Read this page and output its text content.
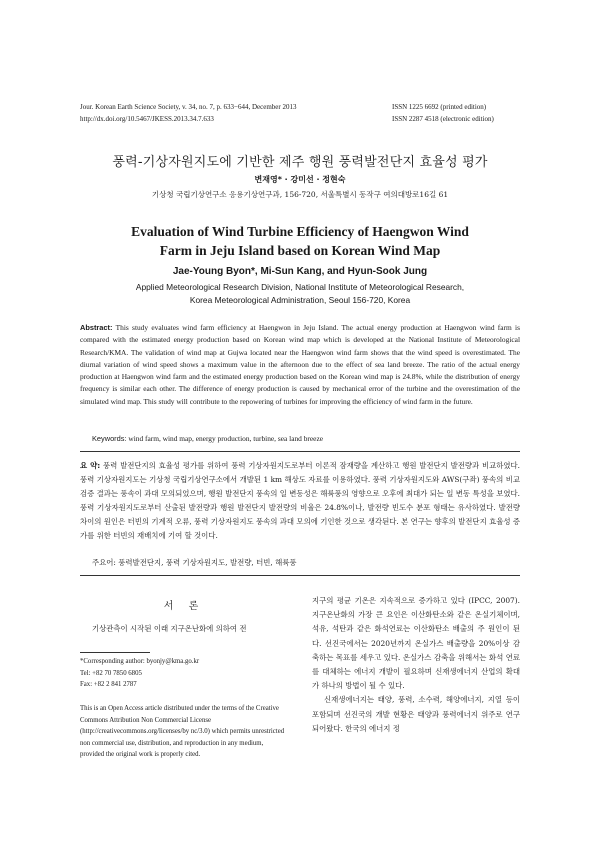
Jour. Korean Earth Science Society, v. 34, no. 7, p. 633−644, December 2013
http://dx.doi.org/10.5467/JKESS.2013.34.7.633
ISSN 1225 6692 (printed edition)
ISSN 2287 4518 (electronic edition)
풍력-기상자원지도에 기반한 제주 행원 풍력발전단지 효율성 평가
변재영* · 강미선 · 정현숙
기상청 국립기상연구소 응용기상연구과, 156-720, 서울특별시 동작구 여의대방로16길 61
Evaluation of Wind Turbine Efficiency of Haengwon Wind
Farm in Jeju Island based on Korean Wind Map
Jae-Young Byon*, Mi-Sun Kang, and Hyun-Sook Jung
Applied Meteorological Research Division, National Institute of Meteorological Research,
Korea Meteorological Administration, Seoul 156-720, Korea
Abstract: This study evaluates wind farm efficiency at Haengwon in Jeju Island. The actual energy production at Haengwon wind farm is compared with the estimated energy production based on Korean wind map which is developed at the National Institute of Meteorological Research/KMA. The validation of wind map at Gujwa located near the Haengwon wind farm shows that the wind speed is overestimated. The diurnal variation of wind speed shows a maximum value in the afternoon due to the effect of sea land breeze. The ratio of the actual energy production at Haengwon wind farm and the estimated energy production based on the Korean wind map is 24.8%, while the distribution of energy frequency is similar each other. The difference of energy production is caused by mechanical error of the turbine and the overestimation of the simulated wind map. This study will contribute to the repowering of turbines for improving the efficiency of wind farm in the future.
Keywords: wind farm, wind map, energy production, turbine, sea land breeze
요 약: 풍력 발전단지의 효율성 평가를 위하여 풍력 기상자원지도로부터 이론적 잠재량을 계산하고 행원 발전단지 발전량과 비교하였다. 풍력 기상자원지도는 기상청 국립기상연구소에서 개발된 1 km 해상도 자료를 이용하였다. 풍력 기상자원지도와 AWS(구좌) 풍속의 비교 검증 결과는 풍속이 과대 모의되었으며, 행원 발전단지 풍속의 일 변동성은 해륙풍의 영향으로 오후에 최대가 되는 일 변동 특성을 보였다. 풍력 기상자원지도로부터 산출된 발전량과 행원 발전단지 발전량의 비율은 24.8%이나, 발전량 빈도수 분포 형태는 유사하였다. 발전량 차이의 원인은 터빈의 기계적 오류, 풍력 기상자원지도 풍속의 과대 모의에 기인한 것으로 생각된다. 본 연구는 향후의 발전단지 효율성 증가를 위한 터빈의 재배치에 기여 할 것이다.
주요어: 풍력발전단지, 풍력 기상자원지도, 발전량, 터빈, 해륙풍
서 론
기상관측이 시작된 이래 지구온난화에 의하여 전
*Corresponding author: byonjy@kma.go.kr
Tel: +82 70 7850 6805
Fax: +82 2 841 2787
This is an Open Access article distributed under the terms of the Creative Commons Attribution Non Commercial License (http://creativecommons.org/licenses/by nc/3.0) which permits unrestricted non commercial use, distribution, and reproduction in any medium, provided the original work is properly cited.

지구의 평균 기온은 지속적으로 증가하고 있다 (IPCC, 2007). 지구온난화의 가장 큰 요인은 이산화탄소와 같은 온실기체이며, 석유, 석탄과 같은 화석연료는 이산화탄소 배출의 주 원인이 된다. 선진국에서는 2020년까지 온실가스 배출량을 20%이상 감축하는 목표를 세우고 있다. 온실가스 감축을 위해서는 화석 연료를 대체하는 에너지 개발이 필요하며 신재생에너지 산업의 확대가 하나의 방법이 될 수 있다.

신재생에너지는 태양, 풍력, 소수력, 해양에너지, 지열 등이 포함되며 선진국의 개발 현황은 태양과 풍력에너지 위주로 연구되어왔다. 한국의 에너지 정
